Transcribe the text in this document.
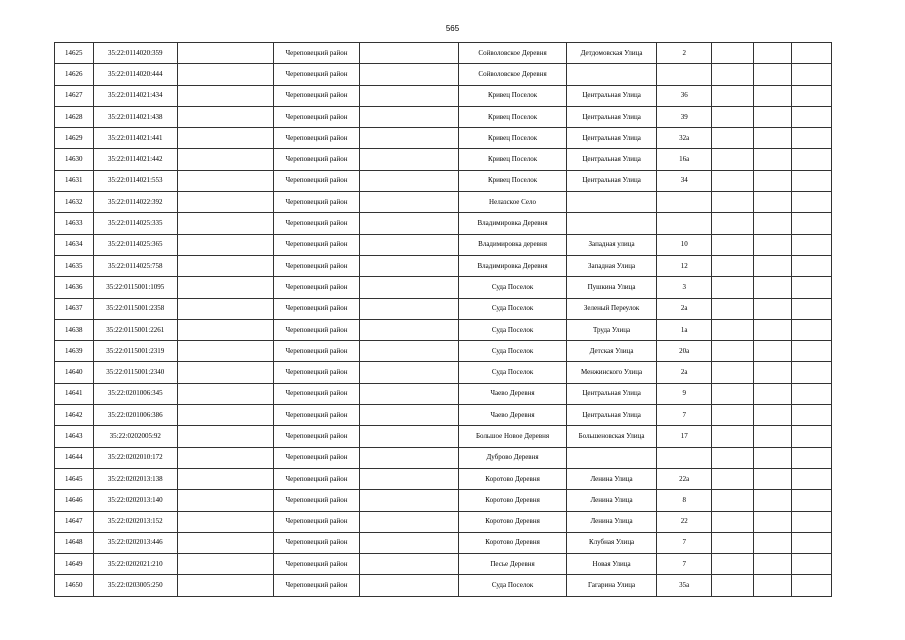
565
14625	35:22:0114020:359		Череповецкий район		Сойволовское Деревня	Детдомовская Улица	2			
14626	35:22:0114020:444		Череповецкий район		Сойволовское Деревня					
14627	35:22:0114021:434		Череповецкий район		Кривец Поселок	Центральная Улица	36			
14628	35:22:0114021:438		Череповецкий район		Кривец Поселок	Центральная Улица	39			
14629	35:22:0114021:441		Череповецкий район		Кривец Поселок	Центральная Улица	32а			
14630	35:22:0114021:442		Череповецкий район		Кривец Поселок	Центральная Улица	16а			
14631	35:22:0114021:553		Череповецкий район		Кривец Поселок	Центральная Улица	34			
14632	35:22:0114022:392		Череповецкий район		Нелазское Село					
14633	35:22:0114025:335		Череповецкий район		Владимировка Деревня					
14634	35:22:0114025:365		Череповецкий район		Владимировка деревня	Западная улица	10			
14635	35:22:0114025:758		Череповецкий район		Владимировка Деревня	Западная Улица	12			
14636	35:22:0115001:1095		Череповецкий район		Суда Поселок	Пушкина Улица	3			
14637	35:22:0115001:2358		Череповецкий район		Суда Поселок	Зеленый Переулок	2а			
14638	35:22:0115001:2261		Череповецкий район		Суда Поселок	Труда Улица	1а			
14639	35:22:0115001:2319		Череповецкий район		Суда Поселок	Детская Улица	20а			
14640	35:22:0115001:2340		Череповецкий район		Суда Поселок	Менжинского Улица	2а			
14641	35:22:0201006:345		Череповецкий район		Чаево Деревня	Центральная Улица	9			
14642	35:22:0201006:386		Череповецкий район		Чаево Деревня	Центральная Улица	7			
14643	35:22:0202005:92		Череповецкий район		Большое Новое Деревня	Большеновская Улица	17			
14644	35:22:0202010:172		Череповецкий район		Дуброво Деревня					
14645	35:22:0202013:138		Череповецкий район		Коротово Деревня	Ленина Улица	22а			
14646	35:22:0202013:140		Череповецкий район		Коротово Деревня	Ленина Улица	8			
14647	35:22:0202013:152		Череповецкий район		Коротово Деревня	Ленина Улица	22			
14648	35:22:0202013:446		Череповецкий район		Коротово Деревня	Клубная Улица	7			
14649	35:22:0202021:210		Череповецкий район		Песье Деревня	Новая Улица	7			
14650	35:22:0203005:250		Череповецкий район		Суда Поселок	Гагарина Улица	35а			
